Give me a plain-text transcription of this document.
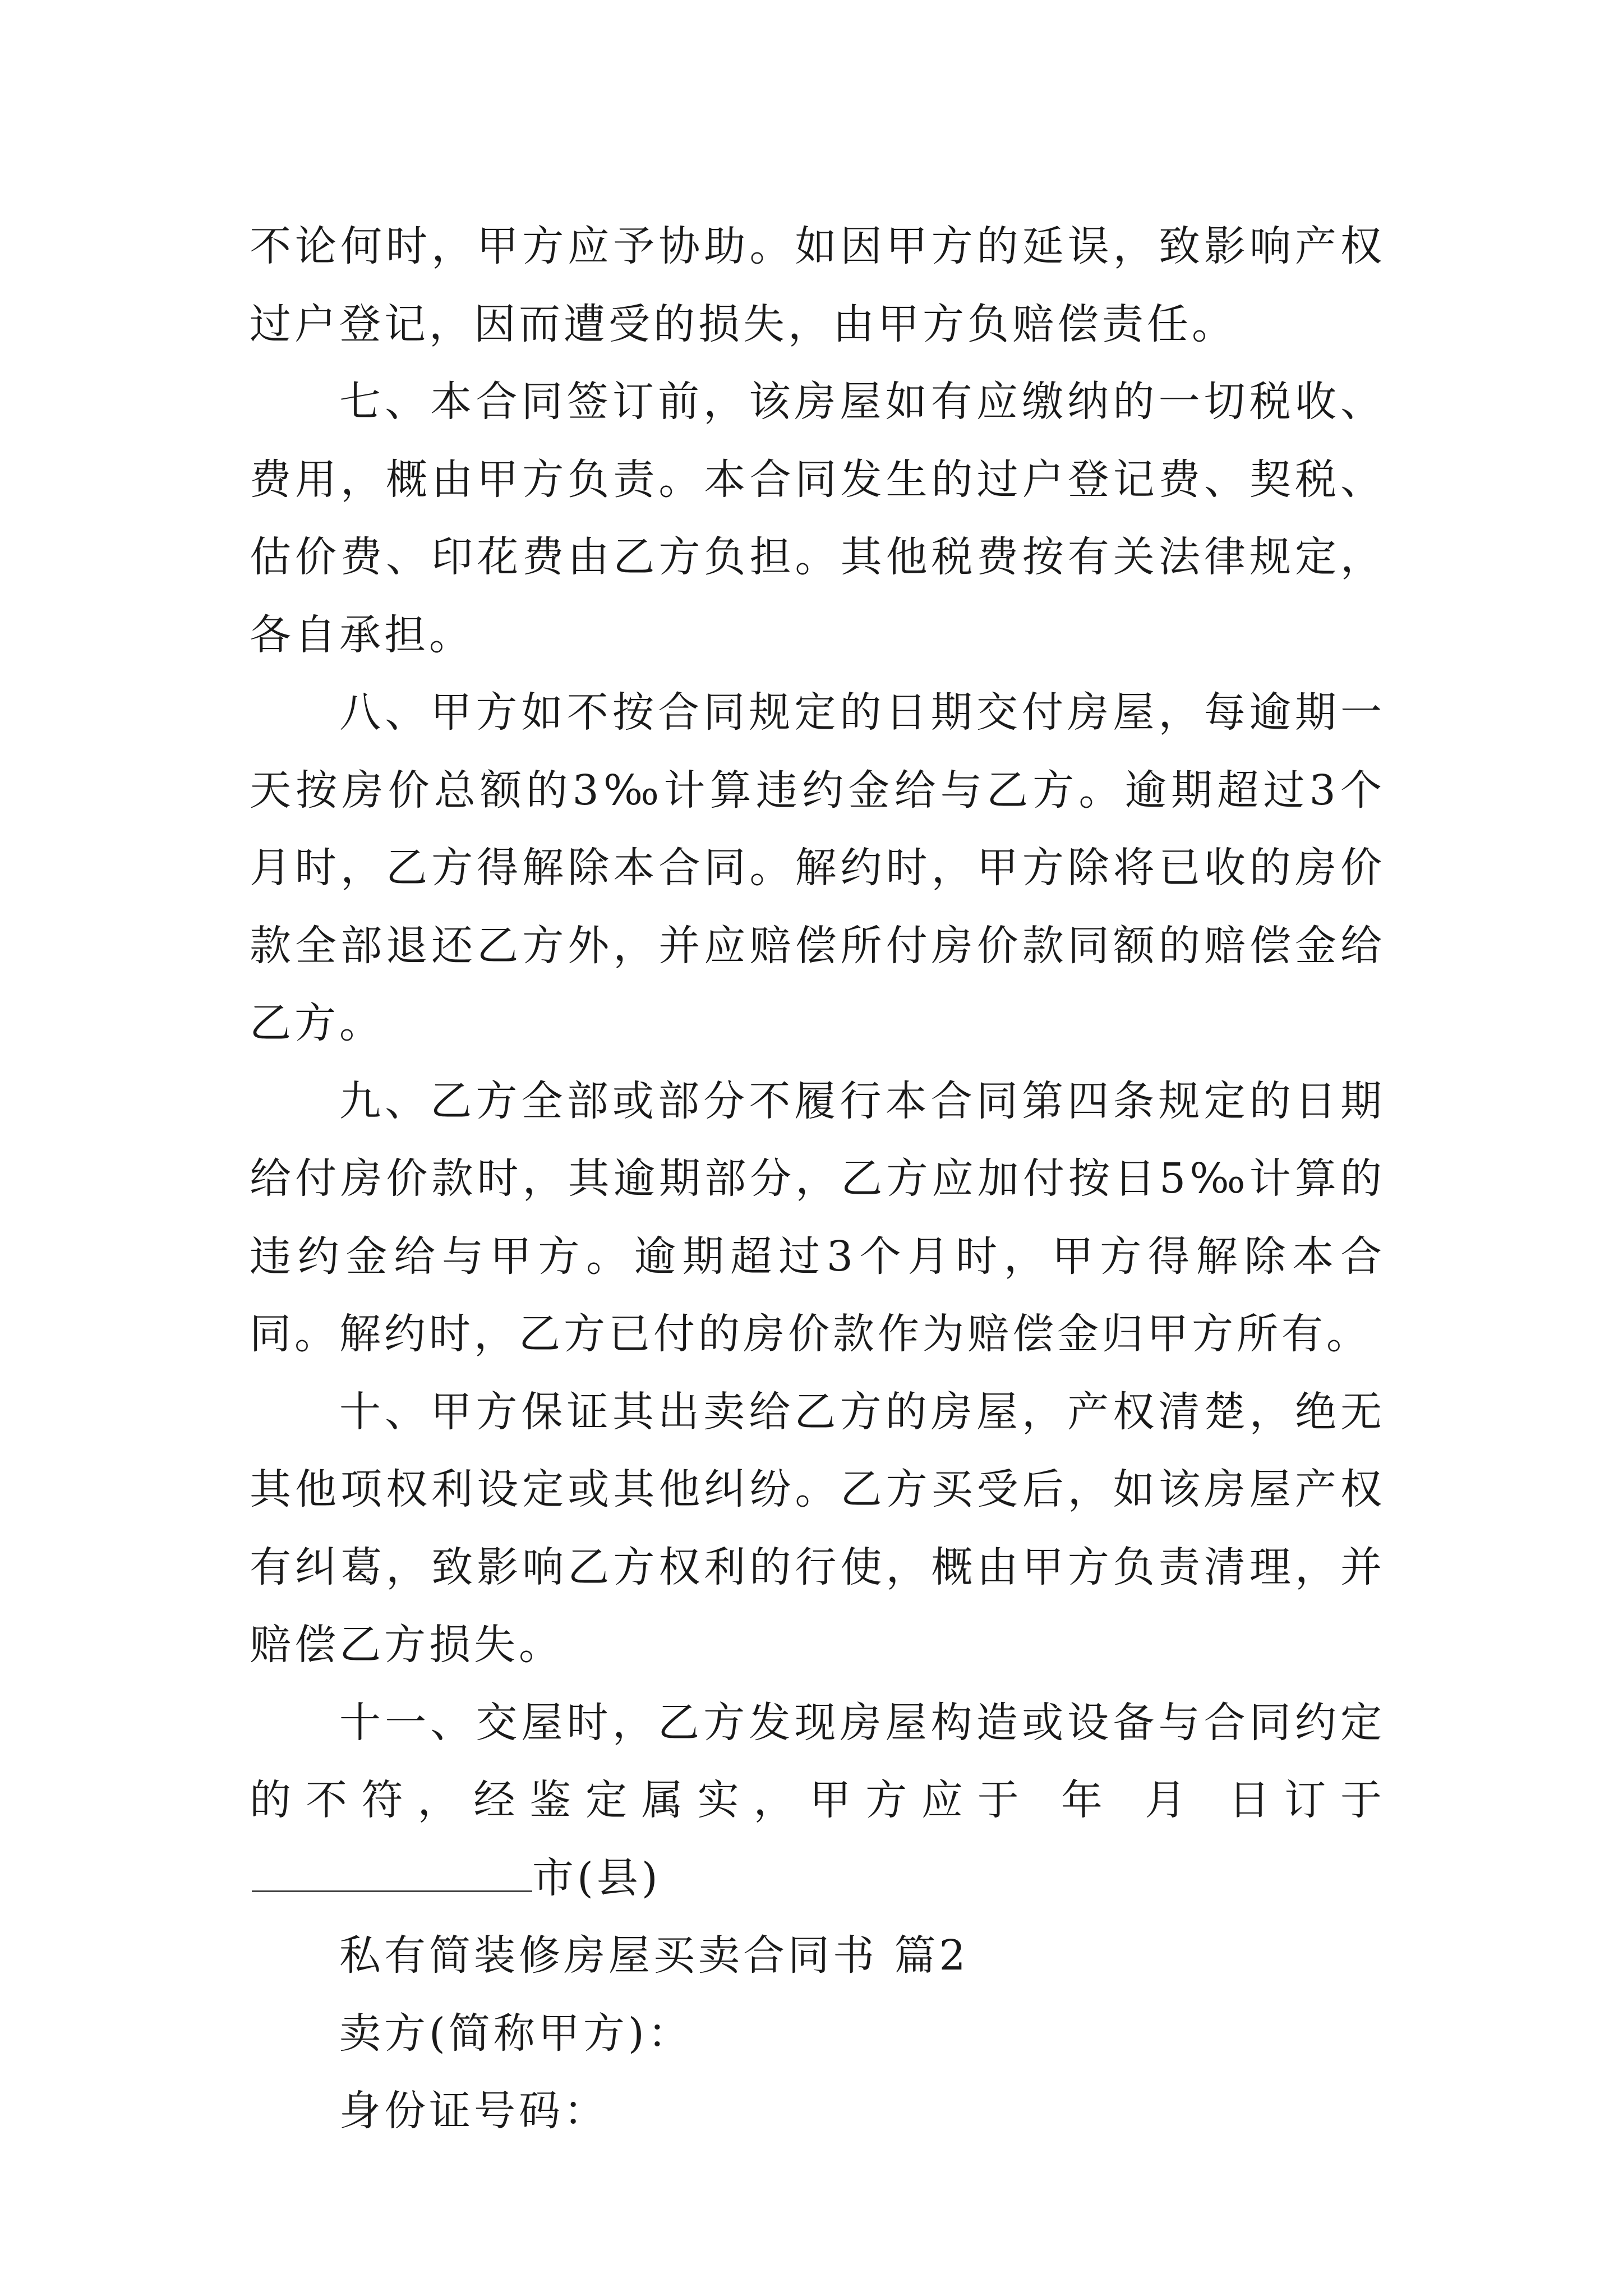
不论何时，甲方应予协助。如因甲方的延误，致影响产权过户登记，因而遭受的损失，由甲方负赔偿责任。

七、本合同签订前，该房屋如有应缴纳的一切税收、费用，概由甲方负责。本合同发生的过户登记费、契税、估价费、印花费由乙方负担。其他税费按有关法律规定，各自承担。

八、甲方如不按合同规定的日期交付房屋，每逾期一天按房价总额的3‰计算违约金给与乙方。逾期超过3个月时，乙方得解除本合同。解约时，甲方除将已收的房价款全部退还乙方外，并应赔偿所付房价款同额的赔偿金给乙方。

九、乙方全部或部分不履行本合同第四条规定的日期给付房价款时，其逾期部分，乙方应加付按日5‰计算的违约金给与甲方。逾期超过3个月时，甲方得解除本合同。解约时，乙方已付的房价款作为赔偿金归甲方所有。

十、甲方保证其出卖给乙方的房屋，产权清楚，绝无其他项权利设定或其他纠纷。乙方买受后，如该房屋产权有纠葛，致影响乙方权利的行使，概由甲方负责清理，并赔偿乙方损失。

十一、交屋时，乙方发现房屋构造或设备与合同约定的不符，经鉴定属实，甲方应于 年 月 日订于市(县)

私有简装修房屋买卖合同书 篇2

卖方(简称甲方)：

身份证号码：
